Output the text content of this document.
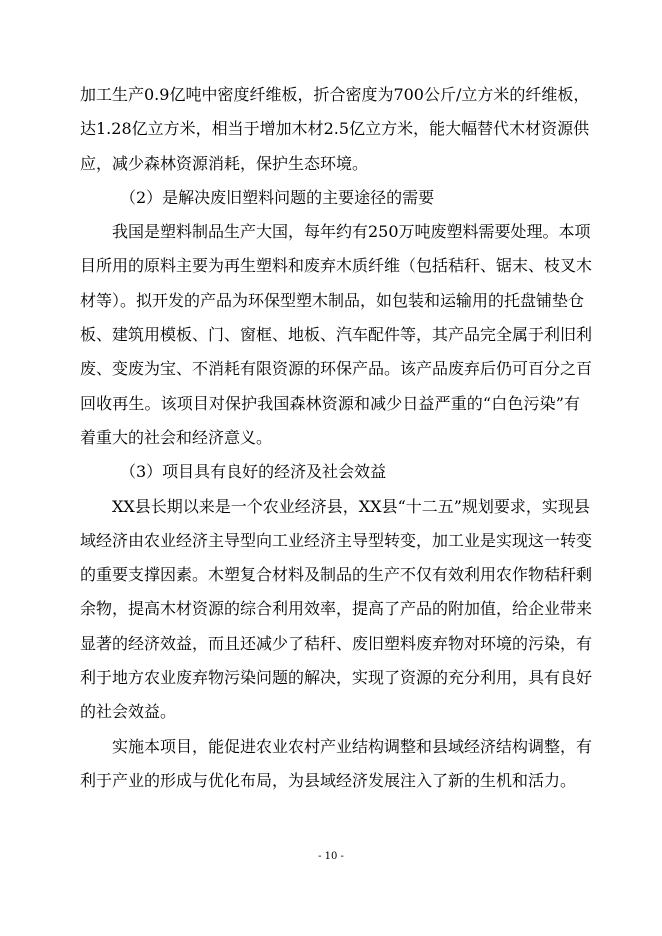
加工生产0.9亿吨中密度纤维板，折合密度为700公斤/立方米的纤维板，
达1.28亿立方米，相当于增加木材2.5亿立方米，能大幅替代木材资源供
应，减少森林资源消耗，保护生态环境。
（2）是解决废旧塑料问题的主要途径的需要
我国是塑料制品生产大国，每年约有250万吨废塑料需要处理。本项
目所用的原料主要为再生塑料和废弃木质纤维（包括秸秆、锯末、枝叉木
材等）。拟开发的产品为环保型塑木制品，如包装和运输用的托盘铺垫仓
板、建筑用模板、门、窗框、地板、汽车配件等，其产品完全属于利旧利
废、变废为宝、不消耗有限资源的环保产品。该产品废弃后仍可百分之百
回收再生。该项目对保护我国森林资源和减少日益严重的“白色污染”有
着重大的社会和经济意义。
（3）项目具有良好的经济及社会效益
XX县长期以来是一个农业经济县，XX县“十二五”规划要求，实现县
域经济由农业经济主导型向工业经济主导型转变，加工业是实现这一转变
的重要支撑因素。木塑复合材料及制品的生产不仅有效利用农作物秸秆剩
余物，提高木材资源的综合利用效率，提高了产品的附加值，给企业带来
显著的经济效益，而且还减少了秸秆、废旧塑料废弃物对环境的污染，有
利于地方农业废弃物污染问题的解决，实现了资源的充分利用，具有良好
的社会效益。
实施本项目，能促进农业农村产业结构调整和县域经济结构调整，有
利于产业的形成与优化布局，为县域经济发展注入了新的生机和活力。
- 10 -
